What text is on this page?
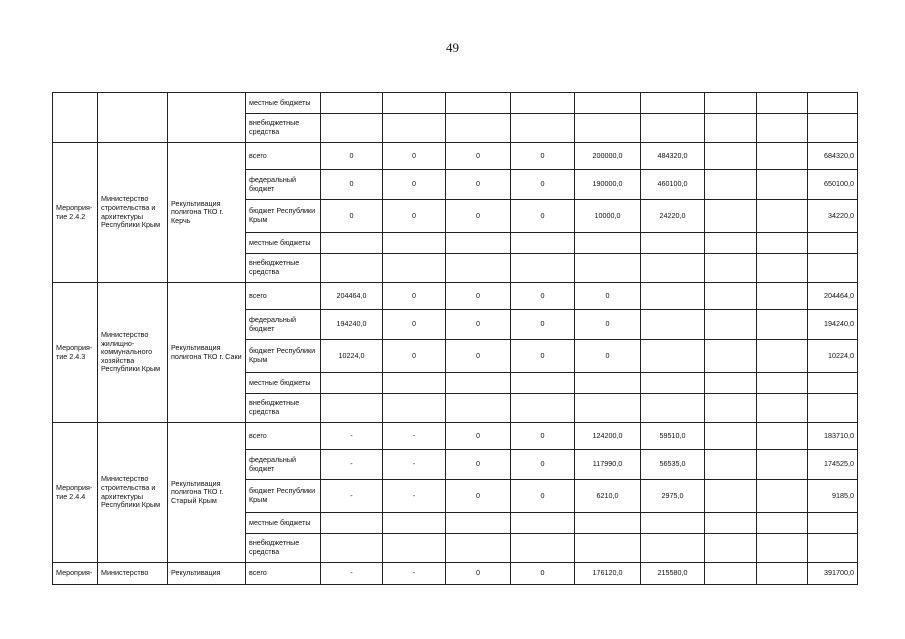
49
			местные бюджеты									
			внебюджетные средства									
Мероприя-тие 2.4.2	Министерство строительства и архитектуры Республики Крым	Рекультивация полигона ТКО г. Керчь	всего	0	0	0	0	200000,0	484320,0			684320,0
			федеральный бюджет	0	0	0	0	190000,0	460100,0			650100,0
			бюджет Республики Крым	0	0	0	0	10000,0	24220,0			34220,0
			местные бюджеты									
			внебюджетные средства									
Мероприя-тие 2.4.3	Министерство жилищно-коммунального хозяйства Республики Крым	Рекультивация полигона ТКО г. Саки	всего	204464,0	0	0	0	0				204464,0
			федеральный бюджет	194240,0	0	0	0	0				194240,0
			бюджет Республики Крым	10224,0	0	0	0	0				10224,0
			местные бюджеты									
			внебюджетные средства									
Мероприя-тие 2.4.4	Министерство строительства и архитектуры Республики Крым	Рекультивация полигона ТКО г. Старый Крым	всего	-	-	0	0	124200,0	59510,0			183710,0
			федеральный бюджет	-	-	0	0	117990,0	56535,0			174525,0
			бюджет Республики Крым	-	-	0	0	6210,0	2975,0			9185,0
			местные бюджеты									
			внебюджетные средства									
Мероприя-	Министерство	Рекультивация	всего	-	-	0	0	176120,0	215580,0			391700,0
